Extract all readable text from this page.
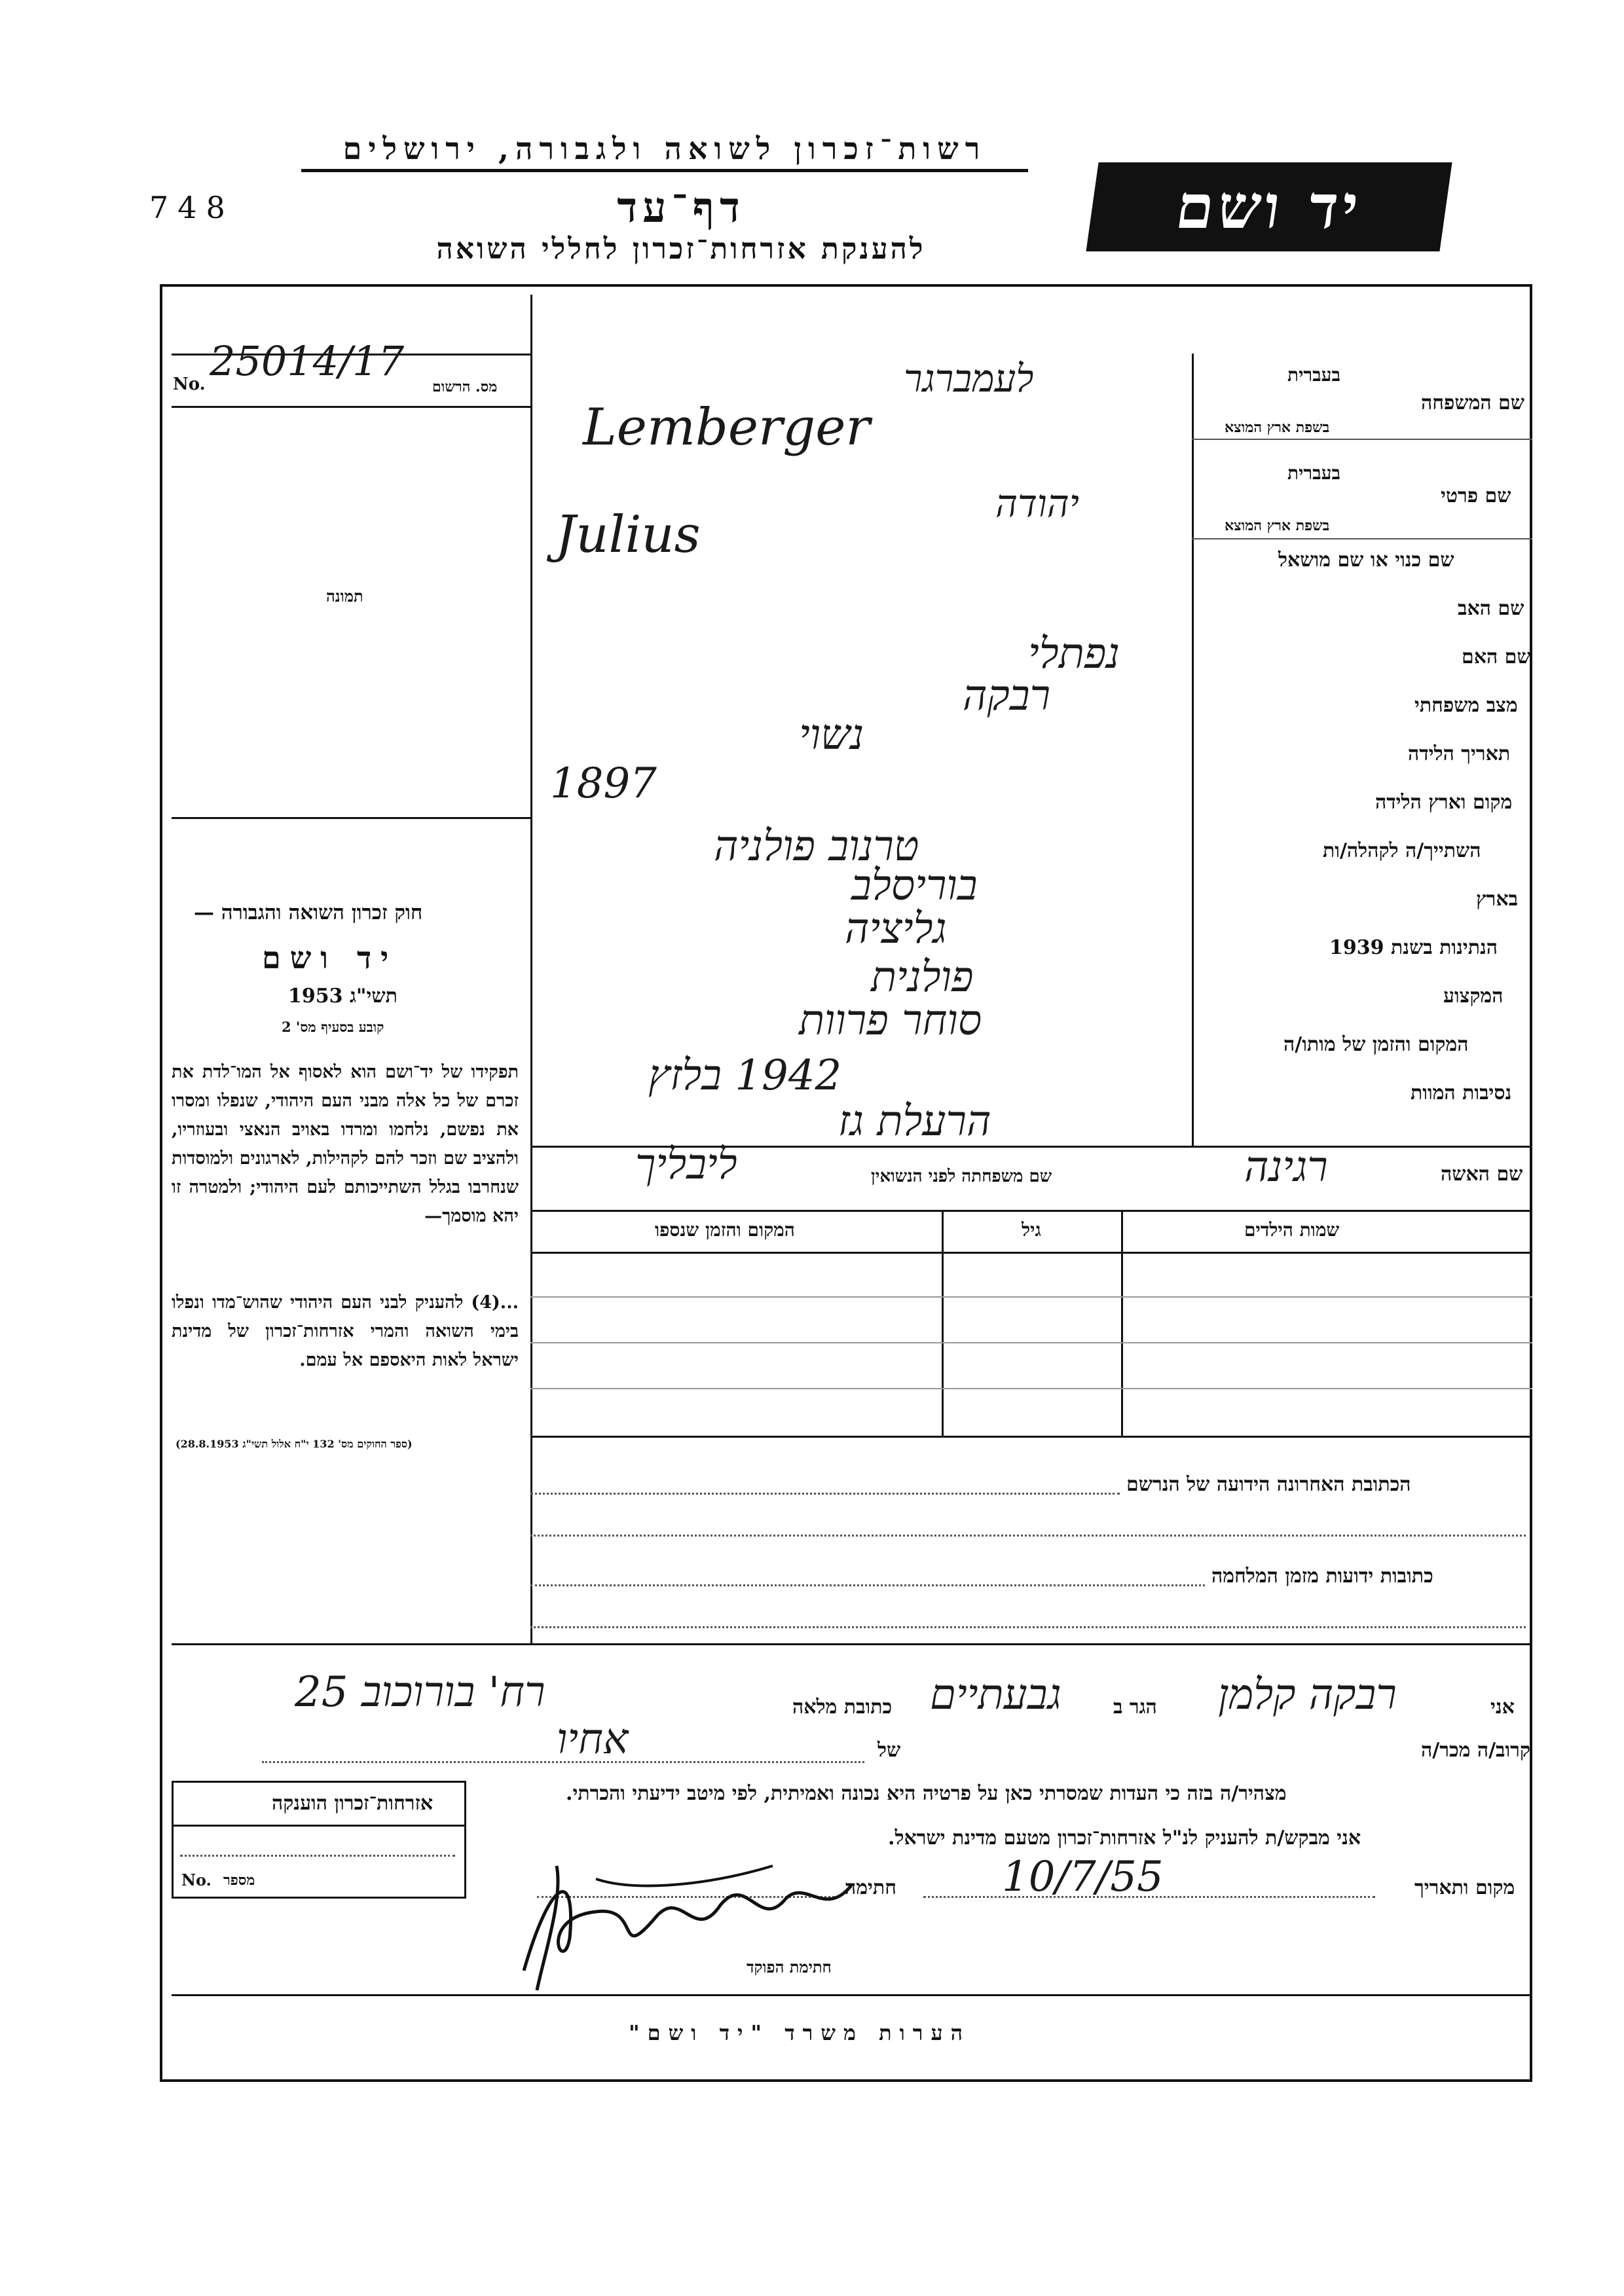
748
רשות־זכרון לשואה ולגבורה, ירושלים
דף־עד
להענקת אזרחות־זכרון לחללי השואה
יד ושם
No. 25014/17
מס. הרשום
תמונה
שם המשפחה
בעברית
בשפת ארץ המוצא
שם פרטי
בעברית
בשפת ארץ המוצא
שם כנוי או שם מושאל
שם האב
שם האם
מצב משפחתי
תאריך הלידה
מקום וארץ הלידה
השתייך/ה לקהלה/ות
בארץ
הנתינות בשנת 1939
המקצוע
המקום והזמן של מותו/ה
נסיבות המוות
לעמברגר
Lemberger
יהודה
Julius
נפתלי
רבקה
נשוי
1897
טרנוב פולניה
בוריסלב
גליציה
פולנית
סוחר פרוות
1942 בלזץ
הרעלת גז
שם האשה
רגינה
שם משפחתה לפני הנשואין
ליבליך
שמות הילדים
גיל
המקום והזמן שנספו
חוק זכרון השואה והגבורה —
יד ושם
תשי"ג 1953
קובע בסעיף מס' 2
תפקידו של יד־ושם הוא לאסוף אל המו־לדת את זכרם של כל אלה מבני העם היהודי, שנפלו ומסרו את נפשם, נלחמו ומרדו באויב הנאצי ובעוזריו, ולהציב שם וזכר להם לקהילות, לארגונים ולמוסדות שנחרבו בגלל השתייכותם לעם היהודי; ולמטרה זו יהא מוסמך—
...(4) להעניק לבני העם היהודי שהוש־מדו ונפלו בימי השואה והמרי אזרחות־זכרון של מדינת ישראל לאות היאספם אל עמם.
(ספר החוקים מס' 132 י"ח אלול תשי"ג 28.8.1953)
הכתובת האחרונה הידועה של הנרשם
כתובות ידועות מזמן המלחמה
אני
רבקה קלמן
הגר ב
גבעתיים
כתובת מלאה
רח' בורוכוב 25
קרוב/ה מכר/ה
של
אחיו
מצהיר/ה בזה כי העדות שמסרתי כאן על פרטיה היא נכונה ואמיתית, לפי מיטב ידיעתי והכרתי.
אני מבקש/ת להעניק לנ"ל אזרחות־זכרון מטעם מדינת ישראל.
מקום ותאריך
10/7/55
חתימה
חתימת הפוקד
אזרחות־זכרון הוענקה
No. מספר
הערות משרד "יד ושם"
